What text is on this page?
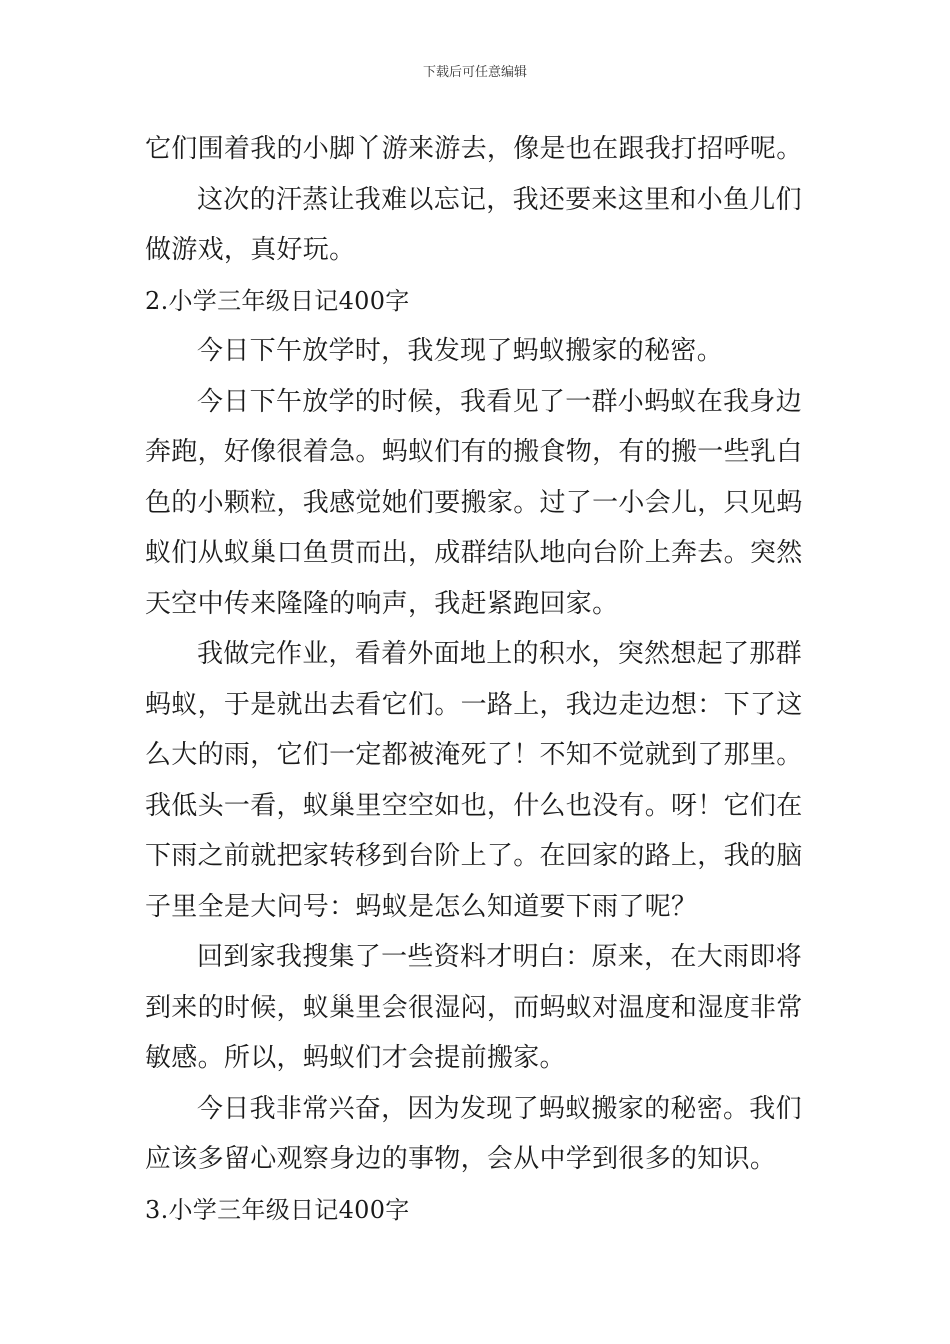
下载后可任意编辑
它们围着我的小脚丫游来游去，像是也在跟我打招呼呢。
这次的汗蒸让我难以忘记，我还要来这里和小鱼儿们
做游戏，真好玩。
2.小学三年级日记400字
今日下午放学时，我发现了蚂蚁搬家的秘密。
今日下午放学的时候，我看见了一群小蚂蚁在我身边
奔跑，好像很着急。蚂蚁们有的搬食物，有的搬一些乳白
色的小颗粒，我感觉她们要搬家。过了一小会儿，只见蚂
蚁们从蚁巢口鱼贯而出，成群结队地向台阶上奔去。突然
天空中传来隆隆的响声，我赶紧跑回家。
我做完作业，看着外面地上的积水，突然想起了那群
蚂蚁，于是就出去看它们。一路上，我边走边想：下了这
么大的雨，它们一定都被淹死了！不知不觉就到了那里。
我低头一看，蚁巢里空空如也，什么也没有。呀！它们在
下雨之前就把家转移到台阶上了。在回家的路上，我的脑
子里全是大问号：蚂蚁是怎么知道要下雨了呢？
回到家我搜集了一些资料才明白：原来，在大雨即将
到来的时候，蚁巢里会很湿闷，而蚂蚁对温度和湿度非常
敏感。所以，蚂蚁们才会提前搬家。
今日我非常兴奋，因为发现了蚂蚁搬家的秘密。我们
应该多留心观察身边的事物，会从中学到很多的知识。
3.小学三年级日记400字
